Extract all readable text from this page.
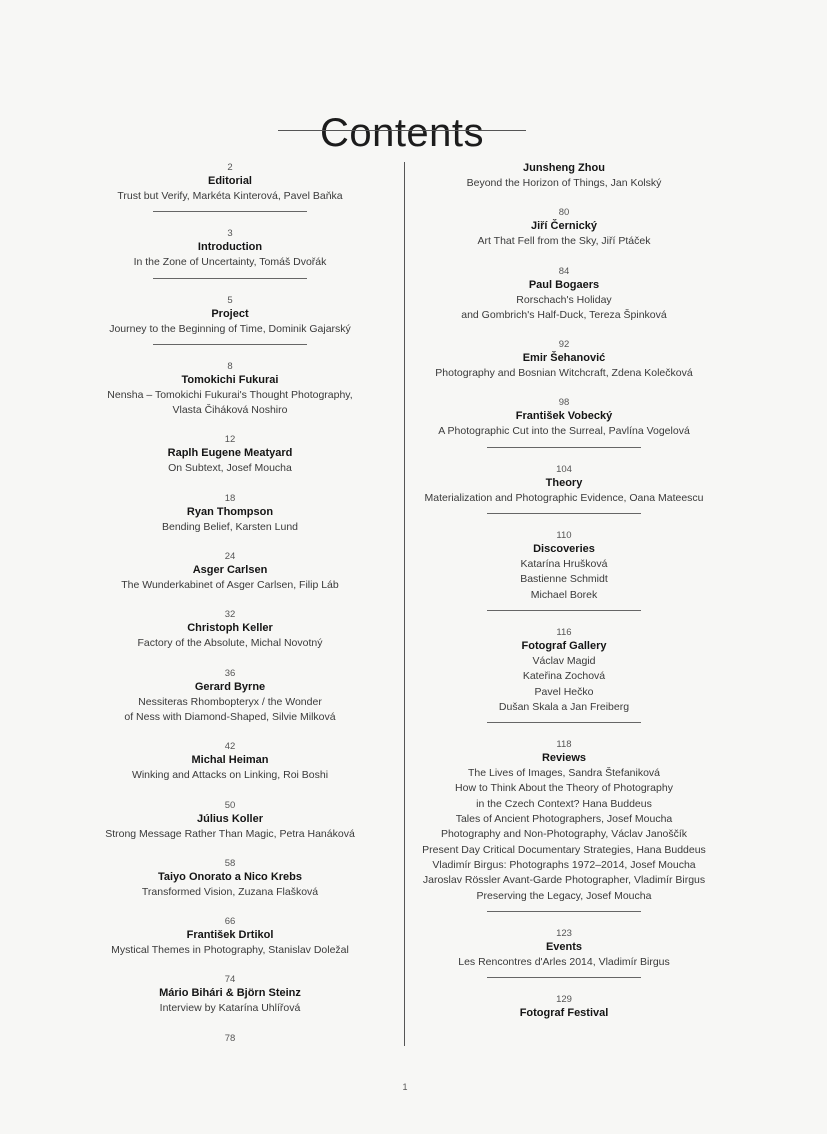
Contents
2
Editorial
Trust but Verify, Markéta Kinterová, Pavel Baňka
3
Introduction
In the Zone of Uncertainty, Tomáš Dvořák
5
Project
Journey to the Beginning of Time, Dominik Gajarský
8
Tomokichi Fukurai
Nensha – Tomokichi Fukurai's Thought Photography,
Vlasta Čiháková Noshiro
12
Raplh Eugene Meatyard
On Subtext, Josef Moucha
18
Ryan Thompson
Bending Belief, Karsten Lund
24
Asger Carlsen
The Wunderkabinet of Asger Carlsen, Filip Láb
32
Christoph Keller
Factory of the Absolute, Michal Novotný
36
Gerard Byrne
Nessiteras Rhombopteryx / the Wonder
of Ness with Diamond-Shaped, Silvie Milková
42
Michal Heiman
Winking and Attacks on Linking, Roi Boshi
50
Július Koller
Strong Message Rather Than Magic, Petra Hanáková
58
Taiyo Onorato a Nico Krebs
Transformed Vision, Zuzana Flašková
66
František Drtikol
Mystical Themes in Photography, Stanislav Doležal
74
Mário Bihári & Björn Steinz
Interview by Katarína Uhlířová
78
Junsheng Zhou
Beyond the Horizon of Things, Jan Kolský
80
Jiří Černický
Art That Fell from the Sky, Jiří Ptáček
84
Paul Bogaers
Rorschach's Holiday
and Gombrich's Half-Duck, Tereza Špinková
92
Emir Šehanović
Photography and Bosnian Witchcraft, Zdena Kolečková
98
František Vobecký
A Photographic Cut into the Surreal, Pavlína Vogelová
104
Theory
Materialization and Photographic Evidence, Oana Mateescu
110
Discoveries
Katarína Hrušková
Bastienne Schmidt
Michael Borek
116
Fotograf Gallery
Václav Magid
Kateřina Zochová
Pavel Hečko
Dušan Skala a Jan Freiberg
118
Reviews
The Lives of Images, Sandra Štefaniková
How to Think About the Theory of Photography
in the Czech Context? Hana Buddeus
Tales of Ancient Photographers, Josef Moucha
Photography and Non-Photography, Václav Janoščík
Present Day Critical Documentary Strategies, Hana Buddeus
Vladimír Birgus: Photographs 1972–2014, Josef Moucha
Jaroslav Rössler Avant-Garde Photographer, Vladimír Birgus
Preserving the Legacy, Josef Moucha
123
Events
Les Rencontres d'Arles 2014, Vladimír Birgus
129
Fotograf Festival
1
